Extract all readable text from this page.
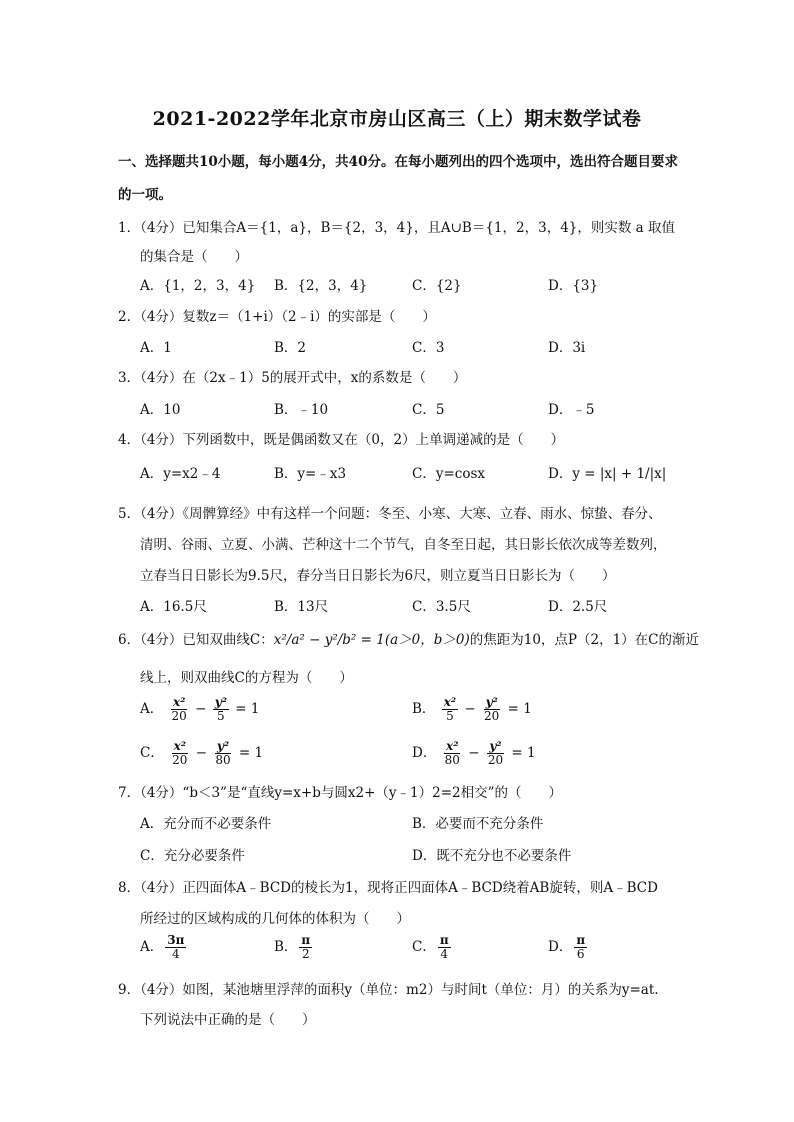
2021-2022学年北京市房山区高三（上）期末数学试卷
一、选择题共10小题，每小题4分，共40分。在每小题列出的四个选项中，选出符合题目要求的一项。
1．（4分）已知集合A＝{1，a}，B＝{2，3，4}，且A∪B＝{1，2，3，4}，则实数 a 取值
的集合是（　　）
A．{1，2，3，4} B．{2，3，4}	C．{2}	D．{3}
2．（4分）复数z＝（1+i）（2﹣i）的实部是（　　）
A．1	B．2	C．3	D．3i
3．（4分）在（2x﹣1）5的展开式中，x的系数是（　　）
A．10	B．﹣10	C．5	D．﹣5
4．（4分）下列函数中，既是偶函数又在（0，2）上单调递减的是（　　）
A．y=x2﹣4	B．y=﹣x3	C．y=cosx	D．y = |x| + 1/|x|
5．（4分）《周髀算经》中有这样一个问题：冬至、小寒、大寒、立春、雨水、惊蛰、春分、
清明、谷雨、立夏、小满、芒种这十二个节气，自冬至日起，其日影长依次成等差数列，
立春当日日影长为9.5尺，春分当日日影长为6尺，则立夏当日日影长为（　　）
A．16.5尺	B．13尺	C．3.5尺	D．2.5尺
6．（4分）已知双曲线C：x²/a² − y²/b² = 1(a＞0，b＞0)的焦距为10，点P（2，1）在C的渐近
线上，则双曲线C的方程为（　　）
A． $\frac{\text{x²}}{20} - \frac{\text{y²}}{5} = 1$	B． $\frac{\text{x²}}{5} - \frac{\text{y²}}{20} = 1$
C． $\frac{\text{x²}}{20} - \frac{\text{y²}}{80} = 1$	D． $\frac{\text{x²}}{80} - \frac{\text{y²}}{20} = 1$
7．（4分）“b＜3”是“直线y=x+b与圆x2+（y﹣1）2=2相交”的（　　）
A．充分而不必要条件	B．必要而不充分条件
C．充分必要条件	D．既不充分也不必要条件
8．（4分）正四面体A﹣BCD的棱长为1，现将正四面体A﹣BCD绕着AB旋转，则A﹣BCD
所经过的区域构成的几何体的体积为（　　）
A． $\frac{3\pi}{4}$	B． $\frac{\pi}{2}$	C． $\frac{\pi}{4}$	D． $\frac{\pi}{6}$
9．（4分）如图，某池塘里浮萍的面积y（单位：m2）与时间t（单位：月）的关系为y=at.
下列说法中正确的是（　　）
